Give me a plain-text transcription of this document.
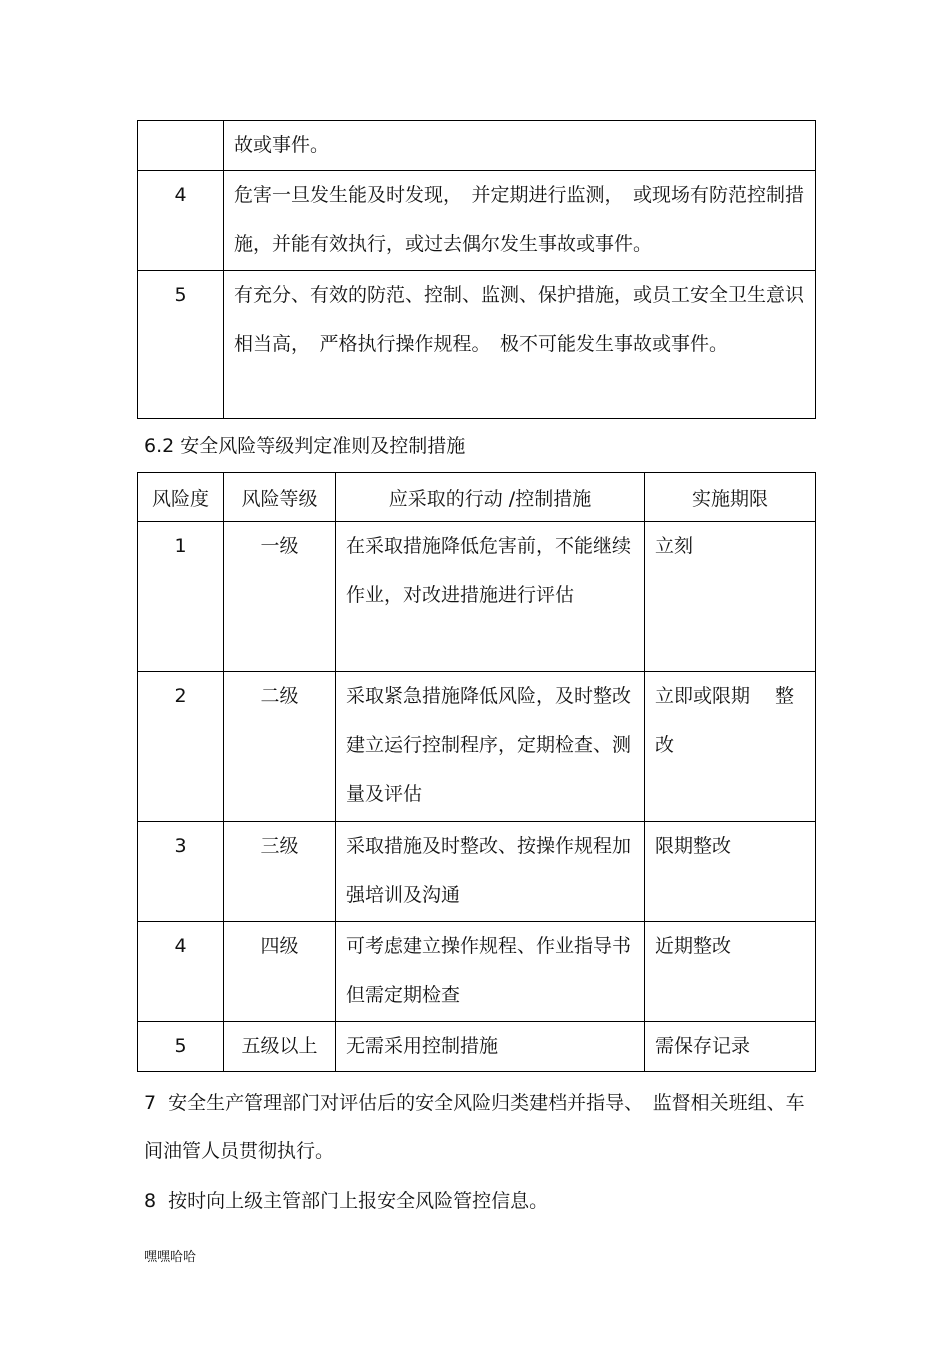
	故或事件。

4	危害一旦发生能及时发现，　并定期进行监测，　或现场有防范控制措施，并能有效执行，或过去偶尔发生事故或事件。

5	有充分、有效的防范、控制、监测、保护措施，或员工安全卫生意识相当高，　严格执行操作规程。　极不可能发生事故或事件。
6.2 安全风险等级判定准则及控制措施
风险度	风险等级	应采取的行动 /控制措施	实施期限

1	一级	在采取措施降低危害前，不能继续　作业，对改进措施进行评估	立刻

2	二级	采取紧急措施降低风险，及时整改建立运行控制程序，定期检查、测　量及评估	立即或限期　 整改

3	三级	采取措施及时整改、按操作规程加　强培训及沟通	限期整改

4	四级	可考虑建立操作规程、作业指导书　但需定期检查	近期整改

5	五级以上	无需采用控制措施	需保存记录
7  安全生产管理部门对评估后的安全风险归类建档并指导、　监督相关班组、车间油管人员贯彻执行。
8  按时向上级主管部门上报安全风险管控信息。
嘿嘿哈哈
